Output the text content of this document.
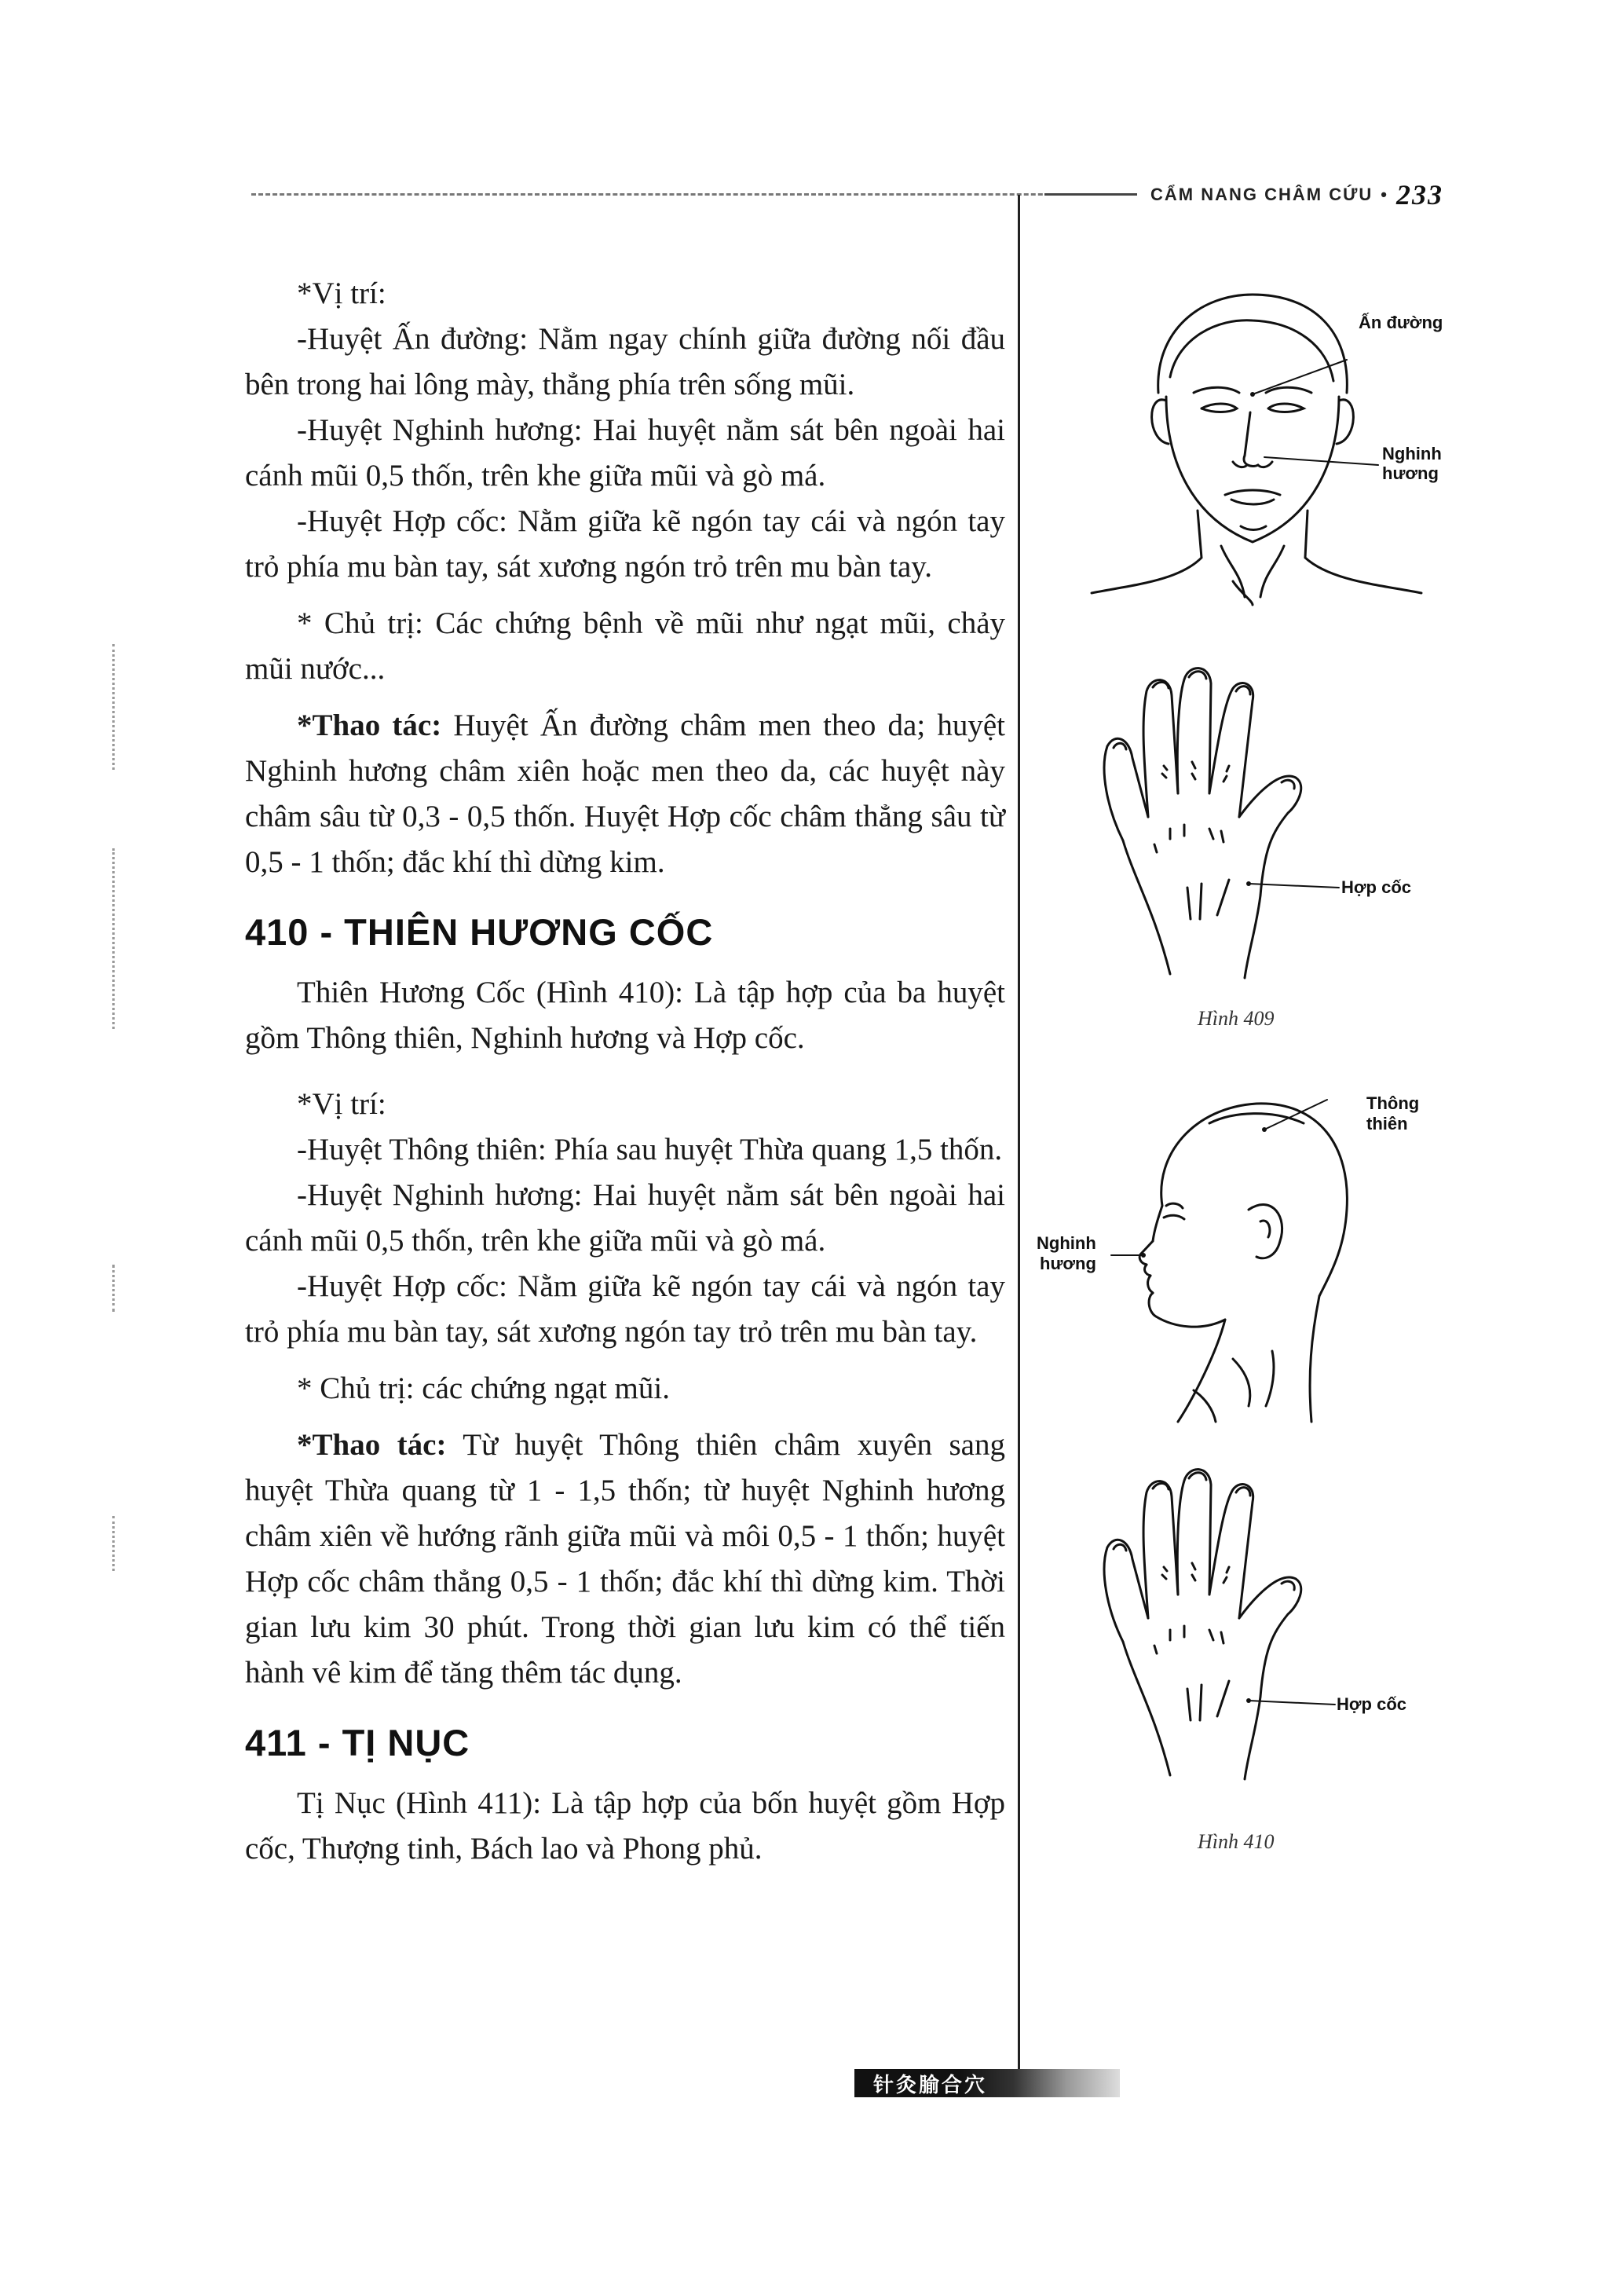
CẨM NANG CHÂM CỨU • 233

*Vị trí:

-Huyệt Ấn đường: Nằm ngay chính giữa đường nối đầu bên trong hai lông mày, thẳng phía trên sống mũi.

-Huyệt Nghinh hương: Hai huyệt nằm sát bên ngoài hai cánh mũi 0,5 thốn, trên khe giữa mũi và gò má.

-Huyệt Hợp cốc: Nằm giữa kẽ ngón tay cái và ngón tay trỏ phía mu bàn tay, sát xương ngón trỏ trên mu bàn tay.

* Chủ trị: Các chứng bệnh về mũi như ngạt mũi, chảy mũi nước...

*Thao tác: Huyệt Ấn đường châm men theo da; huyệt Nghinh hương châm xiên hoặc men theo da, các huyệt này châm sâu từ 0,3 - 0,5 thốn. Huyệt Hợp cốc châm thẳng sâu từ 0,5 - 1 thốn; đắc khí thì dừng kim.

410 - THIÊN HƯƠNG CỐC

Thiên Hương Cốc (Hình 410): Là tập hợp của ba huyệt gồm Thông thiên, Nghinh hương và Hợp cốc.

*Vị trí:

-Huyệt Thông thiên: Phía sau huyệt Thừa quang 1,5 thốn.

-Huyệt Nghinh hương: Hai huyệt nằm sát bên ngoài hai cánh mũi 0,5 thốn, trên khe giữa mũi và gò má.

-Huyệt Hợp cốc: Nằm giữa kẽ ngón tay cái và ngón tay trỏ phía mu bàn tay, sát xương ngón tay trỏ trên mu bàn tay.

* Chủ trị: các chứng ngạt mũi.

*Thao tác: Từ huyệt Thông thiên châm xuyên sang huyệt Thừa quang từ 1 - 1,5 thốn; từ huyệt Nghinh hương châm xiên về hướng rãnh giữa mũi và môi 0,5 - 1 thốn; huyệt Hợp cốc châm thẳng 0,5 - 1 thốn; đắc khí thì dừng kim. Thời gian lưu kim 30 phút. Trong thời gian lưu kim có thể tiến hành vê kim để tăng thêm tác dụng.

411 - TỊ NỤC

Tị Nục (Hình 411): Là tập hợp của bốn huyệt gồm Hợp cốc, Thượng tinh, Bách lao và Phong phủ.

Ấn đường
Nghinh
hương
Hợp cốc
Hình 409
Thông
thiên
Nghinh
hương
Hợp cốc
Hình 410
针灸腧合穴
